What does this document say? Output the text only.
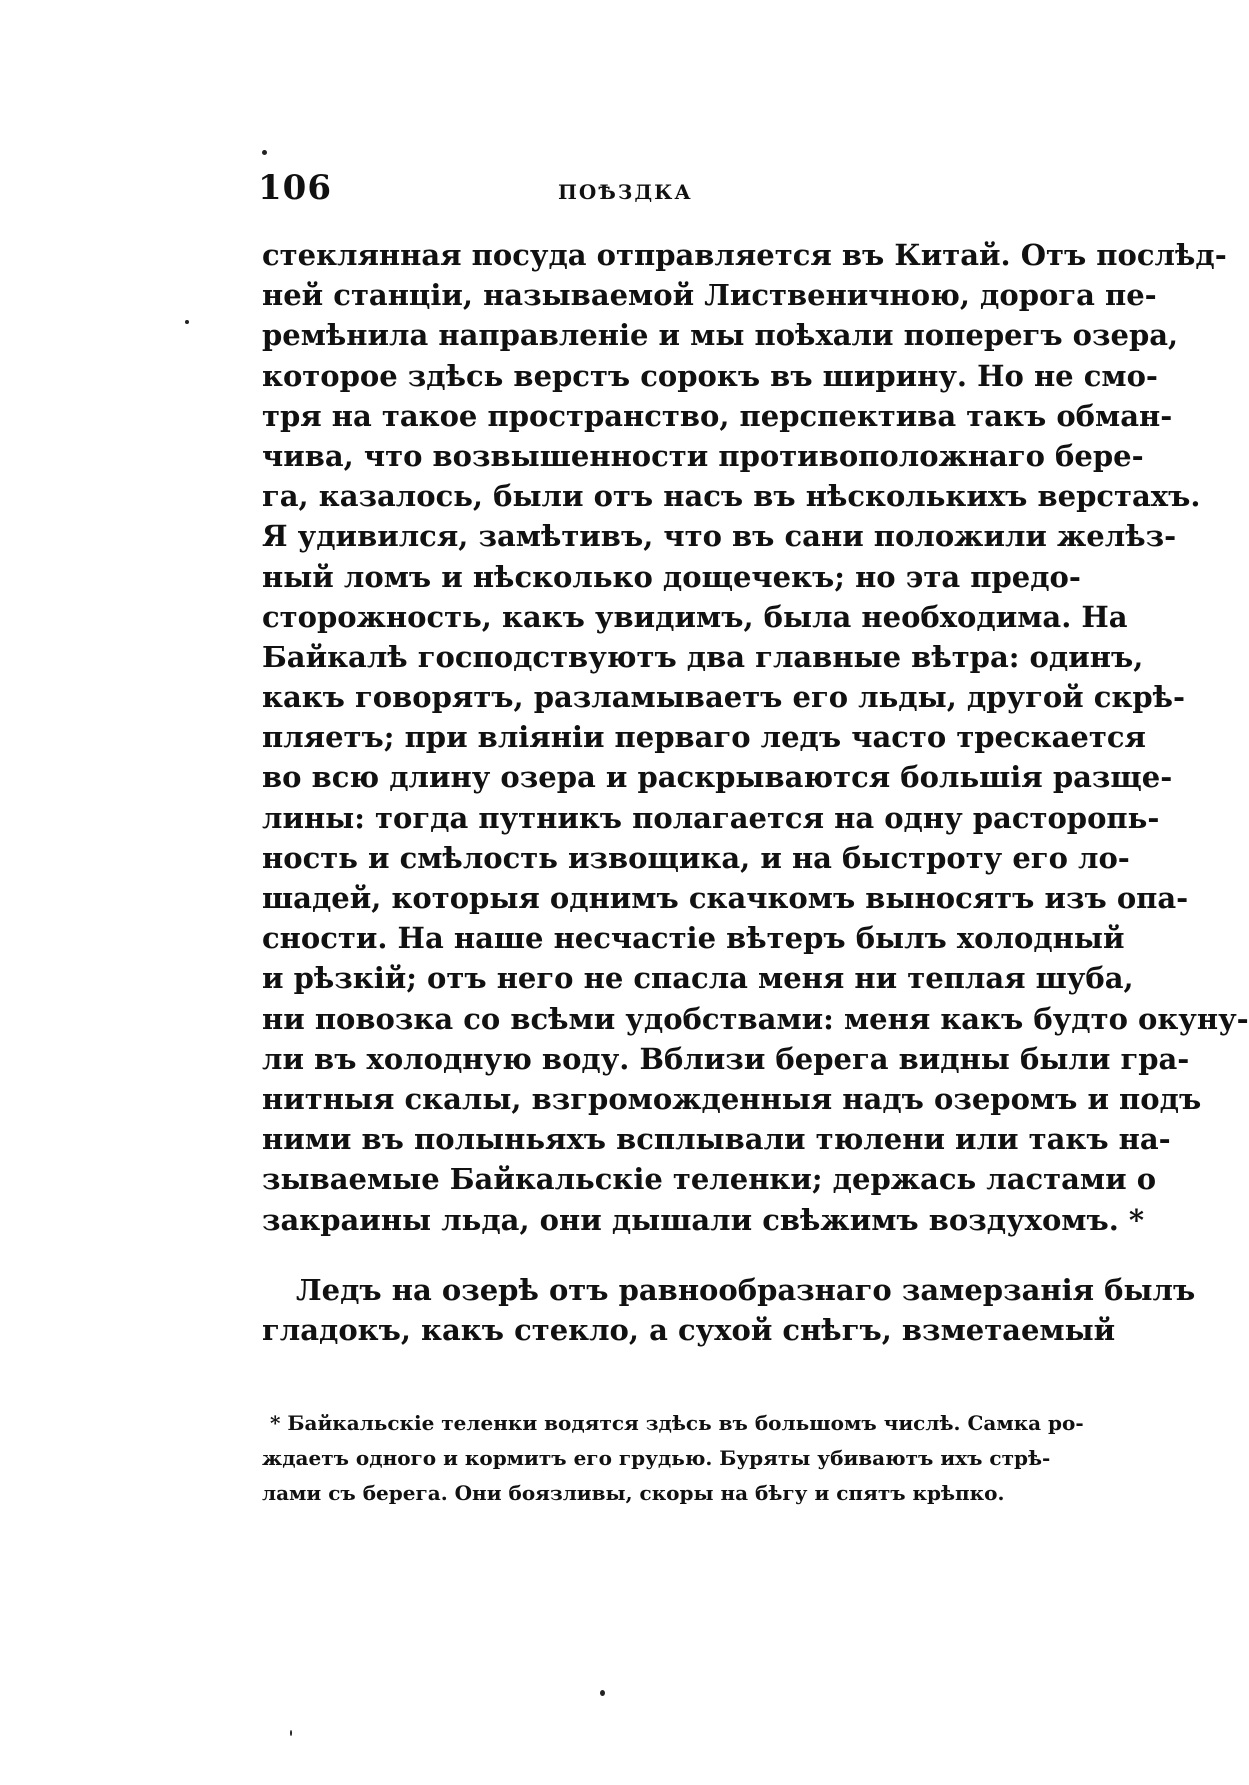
106	ПОѢЗДКА
стеклянная посуда отправляется въ Китай. Отъ послѣд-
ней станціи, называемой Лиственичною, дорога пе-
ремѣнила направленіе и мы поѣхали поперегъ озера,
которое здѣсь верстъ сорокъ въ ширину. Но не смо-
тря на такое пространство, перспектива такъ обман-
чива, что возвышенности противоположнаго бере-
га, казалось, были отъ насъ въ нѣсколькихъ верстахъ.
Я удивился, замѣтивъ, что въ сани положили желѣз-
ный ломъ и нѣсколько дощечекъ; но эта предо-
сторожность, какъ увидимъ, была необходима. На
Байкалѣ господствуютъ два главные вѣтра: одинъ,
какъ говорятъ, разламываетъ его льды, другой скрѣ-
пляетъ; при вліяніи перваго ледъ часто трескается
во всю длину озера и раскрываются большія разще-
лины: тогда путникъ полагается на одну расторопь-
ность и смѣлость извощика, и на быстроту его ло-
шадей, которыя однимъ скачкомъ выносятъ изъ опа-
сности. На наше несчастіе вѣтеръ былъ холодный
и рѣзкій; отъ него не спасла меня ни теплая шуба,
ни повозка со всѣми удобствами: меня какъ будто окуну-
ли въ холодную воду. Вблизи берега видны были гра-
нитныя скалы, взгроможденныя надъ озеромъ и подъ
ними въ полыньяхъ всплывали тюлени или такъ на-
зываемые Байкальскіе теленки; держась ластами о
закраины льда, они дышали свѣжимъ воздухомъ. *
Ледъ на озерѣ отъ равнообразнаго замерзанія былъ
гладокъ, какъ стекло, а сухой снѣгъ, взметаемый
* Байкальскіе теленки водятся здѣсь въ большомъ числѣ. Самка ро-
ждаетъ одного и кормитъ его грудью. Буряты убиваютъ ихъ стрѣ-
лами съ берега. Они боязливы, скоры на бѣгу и спятъ крѣпко.
